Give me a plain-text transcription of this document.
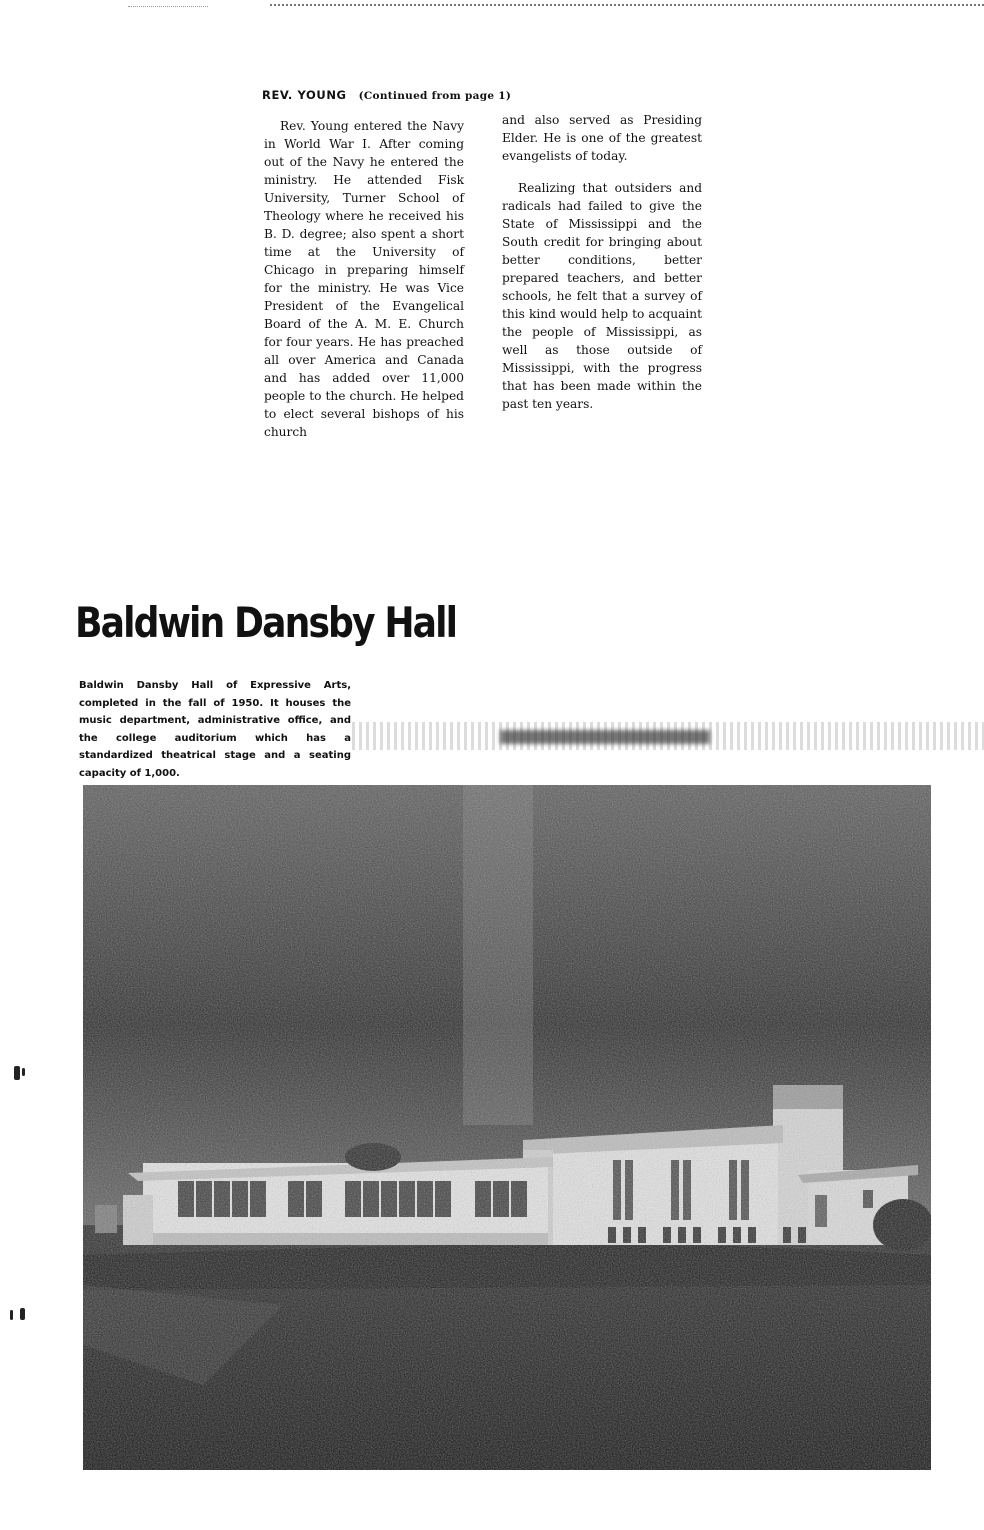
REV. YOUNG (Continued from page 1)

Rev. Young entered the Navy in World War I. After coming out of the Navy he entered the ministry. He attended Fisk University, Turner School of Theology where he received his B. D. degree; also spent a short time at the University of Chicago in preparing himself for the ministry. He was Vice President of the Evangelical Board of the A. M. E. Church for four years. He has preached all over America and Canada and has added over 11,000 people to the church. He helped to elect several bishops of his church

and also served as Presiding Elder. He is one of the greatest evangelists of today.

Realizing that outsiders and radicals had failed to give the State of Mississippi and the South credit for bringing about better conditions, better prepared teachers, and better schools, he felt that a survey of this kind would help to acquaint the people of Mississippi, as well as those outside of Mississippi, with the progress that has been made within the past ten years.

Baldwin Dansby Hall
Baldwin Dansby Hall of Expressive Arts, completed in the fall of 1950. It houses the music department, administrative office, and the college auditorium which has a standardized theatrical stage and a seating capacity of 1,000.
